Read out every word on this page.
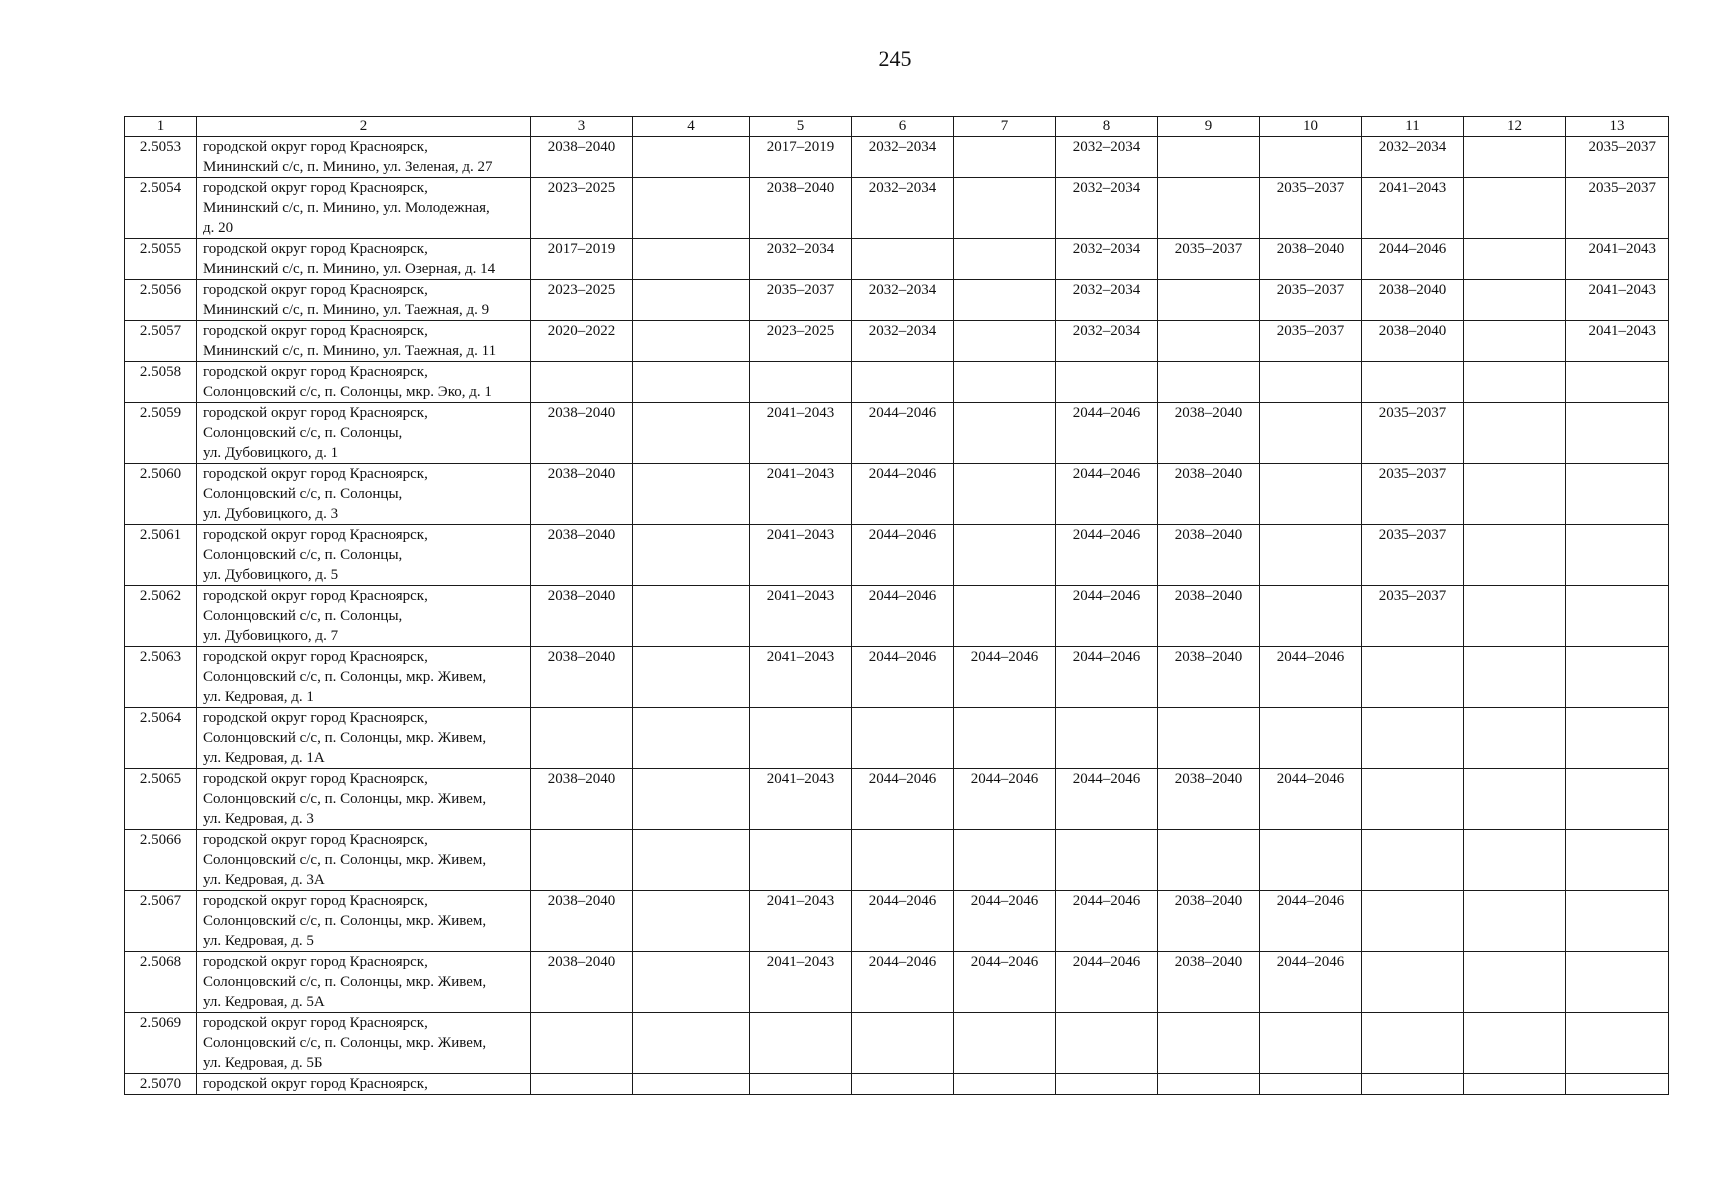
245
1	2	3	4	5	6	7	8	9	10	11	12	13
2.5053	городской округ город Красноярск,
Мининский с/с, п. Минино, ул. Зеленая, д. 27	2038–2040		2017–2019	2032–2034		2032–2034			2032–2034		2035–2037
2.5054	городской округ город Красноярск,
Мининский с/с, п. Минино, ул. Молодежная,
д. 20	2023–2025		2038–2040	2032–2034		2032–2034		2035–2037	2041–2043		2035–2037
2.5055	городской округ город Красноярск,
Мининский с/с, п. Минино, ул. Озерная, д. 14	2017–2019		2032–2034			2032–2034	2035–2037	2038–2040	2044–2046		2041–2043
2.5056	городской округ город Красноярск,
Мининский с/с, п. Минино, ул. Таежная, д. 9	2023–2025		2035–2037	2032–2034		2032–2034		2035–2037	2038–2040		2041–2043
2.5057	городской округ город Красноярск,
Мининский с/с, п. Минино, ул. Таежная, д. 11	2020–2022		2023–2025	2032–2034		2032–2034		2035–2037	2038–2040		2041–2043
2.5058	городской округ город Красноярск,
Солонцовский с/с, п. Солонцы, мкр. Эко, д. 1											
2.5059	городской округ город Красноярск,
Солонцовский с/с, п. Солонцы,
ул. Дубовицкого, д. 1	2038–2040		2041–2043	2044–2046		2044–2046	2038–2040		2035–2037		
2.5060	городской округ город Красноярск,
Солонцовский с/с, п. Солонцы,
ул. Дубовицкого, д. 3	2038–2040		2041–2043	2044–2046		2044–2046	2038–2040		2035–2037		
2.5061	городской округ город Красноярск,
Солонцовский с/с, п. Солонцы,
ул. Дубовицкого, д. 5	2038–2040		2041–2043	2044–2046		2044–2046	2038–2040		2035–2037		
2.5062	городской округ город Красноярск,
Солонцовский с/с, п. Солонцы,
ул. Дубовицкого, д. 7	2038–2040		2041–2043	2044–2046		2044–2046	2038–2040		2035–2037		
2.5063	городской округ город Красноярск,
Солонцовский с/с, п. Солонцы, мкр. Живем,
ул. Кедровая, д. 1	2038–2040		2041–2043	2044–2046	2044–2046	2044–2046	2038–2040	2044–2046			
2.5064	городской округ город Красноярск,
Солонцовский с/с, п. Солонцы, мкр. Живем,
ул. Кедровая, д. 1А											
2.5065	городской округ город Красноярск,
Солонцовский с/с, п. Солонцы, мкр. Живем,
ул. Кедровая, д. 3	2038–2040		2041–2043	2044–2046	2044–2046	2044–2046	2038–2040	2044–2046			
2.5066	городской округ город Красноярск,
Солонцовский с/с, п. Солонцы, мкр. Живем,
ул. Кедровая, д. 3А											
2.5067	городской округ город Красноярск,
Солонцовский с/с, п. Солонцы, мкр. Живем,
ул. Кедровая, д. 5	2038–2040		2041–2043	2044–2046	2044–2046	2044–2046	2038–2040	2044–2046			
2.5068	городской округ город Красноярск,
Солонцовский с/с, п. Солонцы, мкр. Живем,
ул. Кедровая, д. 5А	2038–2040		2041–2043	2044–2046	2044–2046	2044–2046	2038–2040	2044–2046			
2.5069	городской округ город Красноярск,
Солонцовский с/с, п. Солонцы, мкр. Живем,
ул. Кедровая, д. 5Б											
2.5070	городской округ город Красноярск,											
